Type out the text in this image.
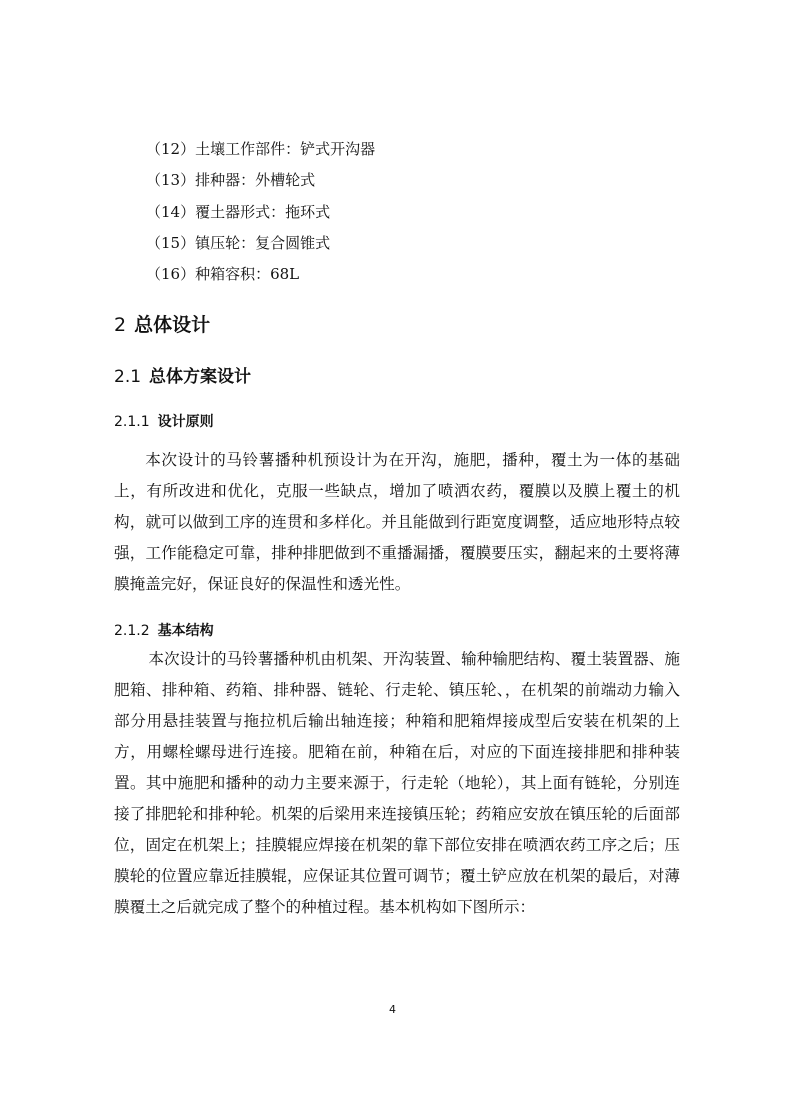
（12）土壤工作部件：铲式开沟器
（13）排种器：外槽轮式
（14）覆土器形式：拖环式
（15）镇压轮：复合圆锥式
（16）种箱容积：68L
2 总体设计
2.1 总体方案设计
2.1.1 设计原则

本次设计的马铃薯播种机预设计为在开沟，施肥，播种，覆土为一体的基础上，有所改进和优化，克服一些缺点，增加了喷洒农药，覆膜以及膜上覆土的机构，就可以做到工序的连贯和多样化。并且能做到行距宽度调整，适应地形特点较强，工作能稳定可靠，排种排肥做到不重播漏播，覆膜要压实，翻起来的土要将薄膜掩盖完好，保证良好的保温性和透光性。

2.1.2 基本结构

本次设计的马铃薯播种机由机架、开沟装置、输种输肥结构、覆土装置器、施肥箱、排种箱、药箱、排种器、链轮、行走轮、镇压轮、，在机架的前端动力输入部分用悬挂装置与拖拉机后输出轴连接；种箱和肥箱焊接成型后安装在机架的上方，用螺栓螺母进行连接。肥箱在前，种箱在后，对应的下面连接排肥和排种装置。其中施肥和播种的动力主要来源于，行走轮（地轮），其上面有链轮，分别连接了排肥轮和排种轮。机架的后梁用来连接镇压轮；药箱应安放在镇压轮的后面部位，固定在机架上；挂膜辊应焊接在机架的靠下部位安排在喷洒农药工序之后；压膜轮的位置应靠近挂膜辊，应保证其位置可调节；覆土铲应放在机架的最后，对薄膜覆土之后就完成了整个的种植过程。基本机构如下图所示：

4
